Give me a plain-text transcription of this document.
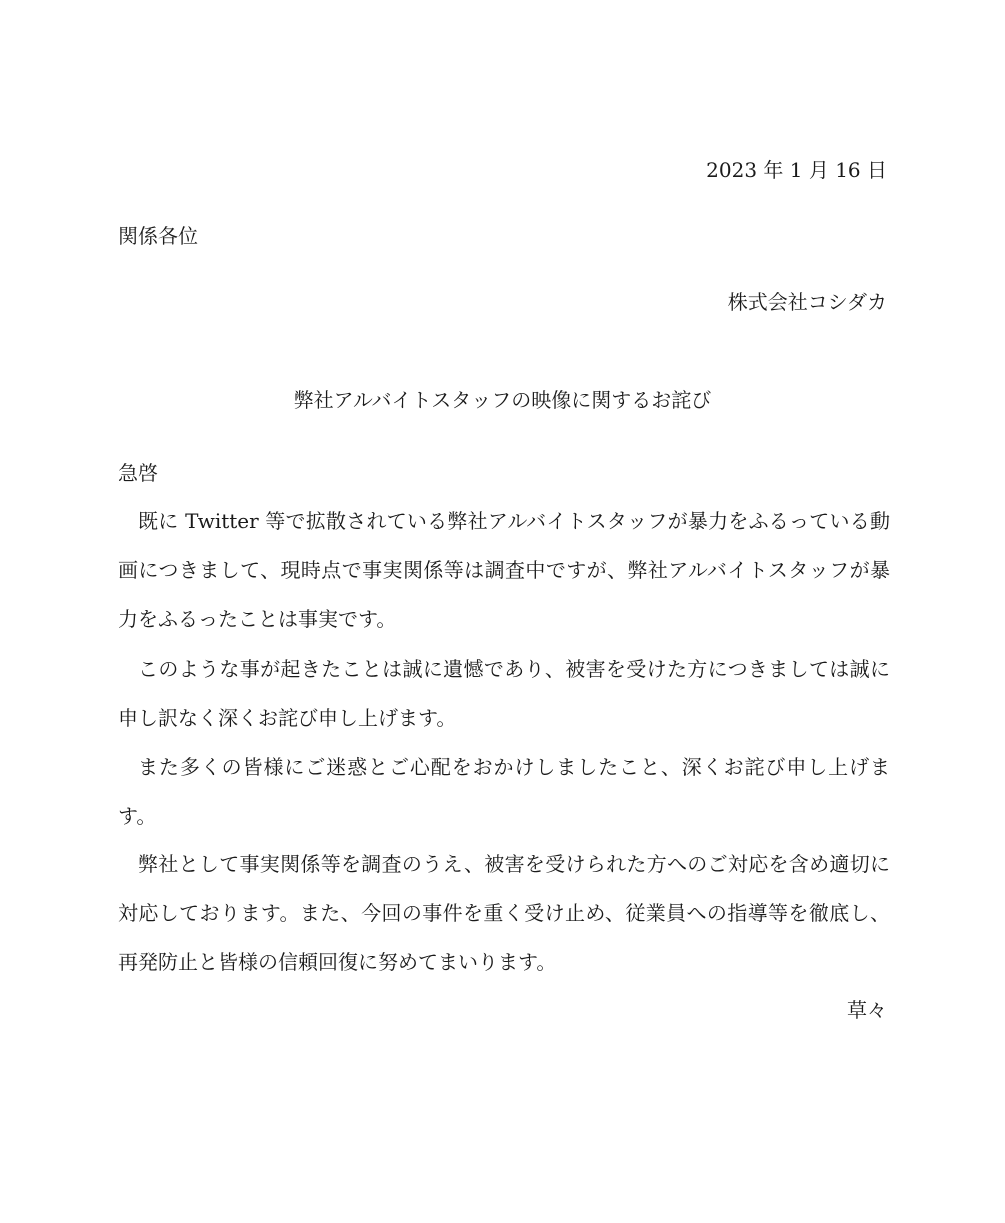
2023 年 1 月 16 日
関係各位
株式会社コシダカ
弊社アルバイトスタッフの映像に関するお詫び
急啓
既に Twitter 等で拡散されている弊社アルバイトスタッフが暴力をふるっている動画につきまして、現時点で事実関係等は調査中ですが、弊社アルバイトスタッフが暴力をふるったことは事実です。
このような事が起きたことは誠に遺憾であり、被害を受けた方につきましては誠に申し訳なく深くお詫び申し上げます。
また多くの皆様にご迷惑とご心配をおかけしましたこと、深くお詫び申し上げます。
弊社として事実関係等を調査のうえ、被害を受けられた方へのご対応を含め適切に対応しております。また、今回の事件を重く受け止め、従業員への指導等を徹底し、再発防止と皆様の信頼回復に努めてまいります。
草々
